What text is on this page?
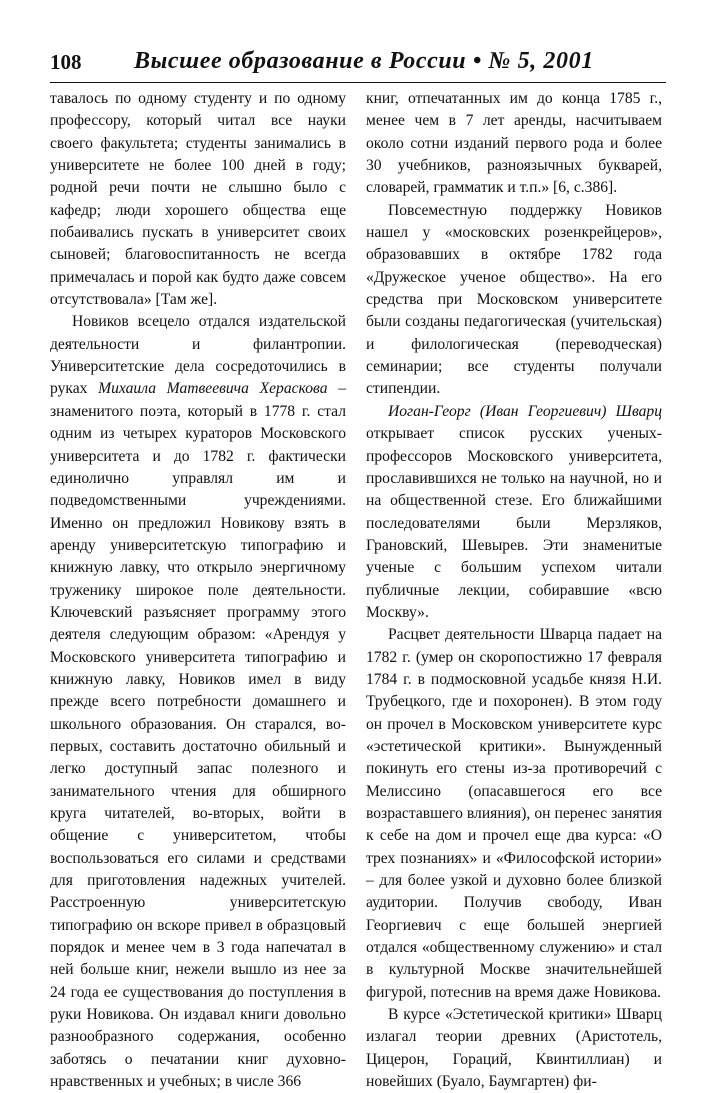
108 Высшее образование в России • № 5, 2001

тавалось по одному студенту и по одному профессору, который читал все науки своего факультета; студенты занимались в университете не более 100 дней в году; родной речи почти не слышно было с кафедр; люди хорошего общества еще побаивались пускать в университет своих сыновей; благовоспитанность не всегда примечалась и порой как будто даже совсем отсутствовала» [Там же].

Новиков всецело отдался издательской деятельности и филантропии. Университетские дела сосредоточились в руках Михаила Матвеевича Хераскова –знаменитого поэта, который в 1778 г. стал одним из четырех кураторов Московского университета и до 1782 г. фактически единолично управлял им и подведомственными учреждениями. Именно он предложил Новикову взять в аренду университетскую типографию и книжную лавку, что открыло энергичному труженику широкое поле деятельности. Ключевский разъясняет программу этого деятеля следующим образом: «Арендуя у Московского университета типографию и книжную лавку, Новиков имел в виду прежде всего потребности домашнего и школьного образования. Он старался, во-первых, составить достаточно обильный и легко доступный запас полезного и занимательного чтения для обширного круга читателей, во-вторых, войти в общение с университетом, чтобы воспользоваться его силами и средствами для приготовления надежных учителей. Расстроенную университетскую типографию он вскоре привел в образцовый порядок и менее чем в 3 года напечатал в ней больше книг, нежели вышло из нее за 24 года ее существования до поступления в руки Новикова. Он издавал книги довольно разнообразного содержания, особенно заботясь о печатании книг духовно-нравственных и учебных; в числе 366

книг, отпечатанных им до конца 1785 г., менее чем в 7 лет аренды, насчитываем около сотни изданий первого рода и более 30 учебников, разноязычных букварей, словарей, грамматик и т.п.» [6, с.386].

Повсеместную поддержку Новиков нашел у «московских розенкрейцеров», образовавших в октябре 1782 года «Дружеское ученое общество». На его средства при Московском университете были созданы педагогическая (учительская) и филологическая (переводческая) семинарии; все студенты получали стипендии.

Иоган-Георг (Иван Георгиевич) Шварц открывает список русских ученых-профессоров Московского университета, прославившихся не только на научной, но и на общественной стезе. Его ближайшими последователями были Мерзляков, Грановский, Шевырев. Эти знаменитые ученые с большим успехом читали публичные лекции, собиравшие «всю Москву».

Расцвет деятельности Шварца падает на 1782 г. (умер он скоропостижно 17 февраля 1784 г. в подмосковной усадьбе князя Н.И. Трубецкого, где и похоронен). В этом году он прочел в Московском университете курс «эстетической критики». Вынужденный покинуть его стены из-за противоречий с Мелиссино (опасавшегося его все возраставшего влияния), он перенес занятия к себе на дом и прочел еще два курса: «О трех познаниях» и «Философской истории» – для более узкой и духовно более близкой аудитории. Получив свободу, Иван Георгиевич с еще большей энергией отдался «общественному служению» и стал в культурной Москве значительнейшей фигурой, потеснив на время даже Новикова.

В курсе «Эстетической критики» Шварц излагал теории древних (Аристотель, Цицерон, Гораций, Квинтиллиан) и новейших (Буало, Баумгартен) фи-
